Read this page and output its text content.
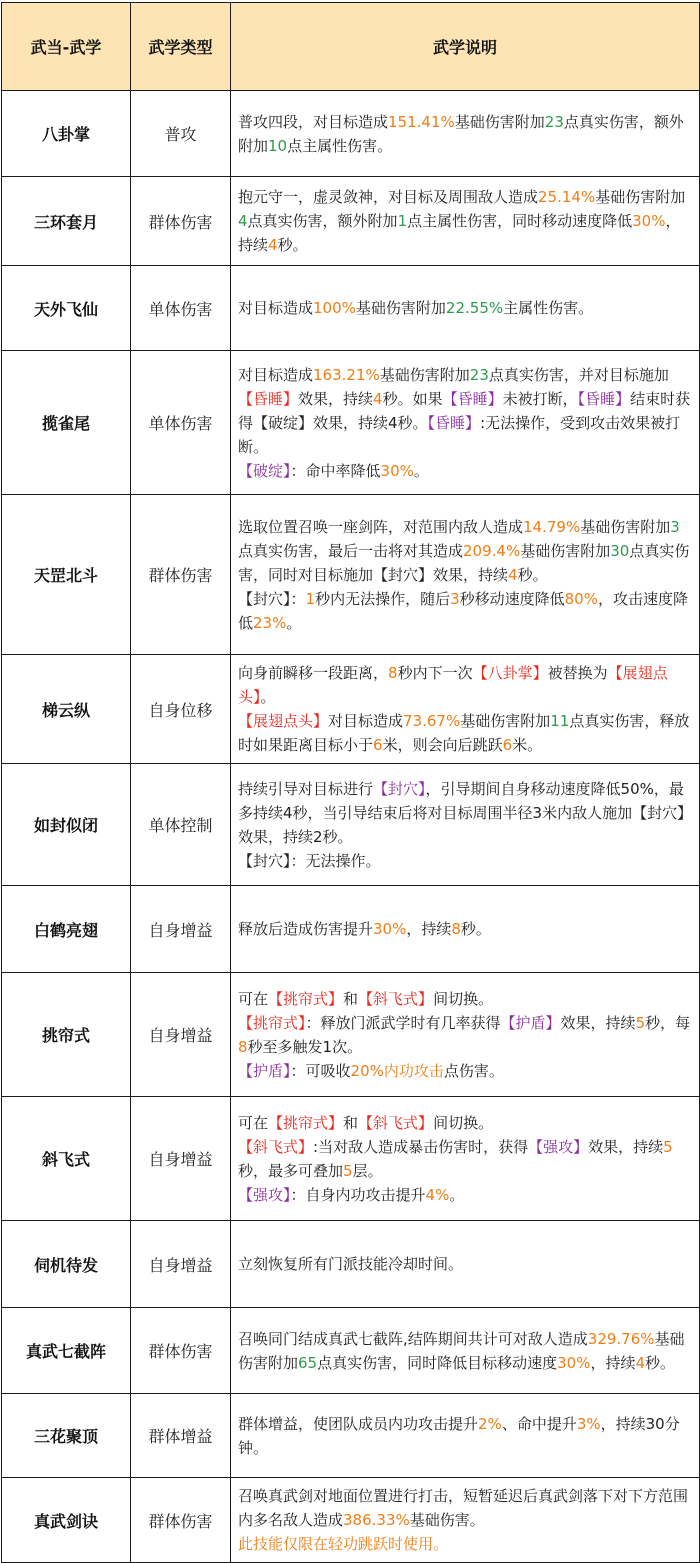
武当-武学	武学类型	武学说明
八卦掌	普攻	普攻四段，对目标造成151.41%基础伤害附加23点真实伤害，额外附加10点主属性伤害。

三环套月	群体伤害	抱元守一，虚灵敛神，对目标及周围敌人造成25.14%基础伤害附加4点真实伤害，额外附加1点主属性伤害，同时移动速度降低30%，持续4秒。

天外飞仙	单体伤害	对目标造成100%基础伤害附加22.55%主属性伤害。

揽雀尾	单体伤害	对目标造成163.21%基础伤害附加23点真实伤害，并对目标施加【昏睡】效果，持续4秒。如果【昏睡】未被打断，【昏睡】结束时获得【破绽】效果，持续4秒。【昏睡】:无法操作，受到攻击效果被打断。
【破绽】：命中率降低30%。

天罡北斗	群体伤害	选取位置召唤一座剑阵，对范围内敌人造成14.79%基础伤害附加3点真实伤害，最后一击将对其造成209.4%基础伤害附加30点真实伤害，同时对目标施加【封穴】效果，持续4秒。
【封穴】：1秒内无法操作，随后3秒移动速度降低80%，攻击速度降低23%。

梯云纵	自身位移	向身前瞬移一段距离，8秒内下一次【八卦掌】被替换为【展翅点头】。
【展翅点头】对目标造成73.67%基础伤害附加11点真实伤害，释放时如果距离目标小于6米，则会向后跳跃6米。

如封似闭	单体控制	持续引导对目标进行【封穴】，引导期间自身移动速度降低50%，最多持续4秒，当引导结束后将对目标周围半径3米内敌人施加【封穴】效果，持续2秒。
【封穴】：无法操作。

白鹤亮翅	自身增益	释放后造成伤害提升30%，持续8秒。

挑帘式	自身增益	可在【挑帘式】和【斜飞式】间切换。
【挑帘式】：释放门派武学时有几率获得【护盾】效果，持续5秒，每8秒至多触发1次。
【护盾】：可吸收20%内功攻击点伤害。

斜飞式	自身增益	可在【挑帘式】和【斜飞式】间切换。
【斜飞式】:当对敌人造成暴击伤害时，获得【强攻】效果，持续5秒，最多可叠加5层。
【强攻】：自身内功攻击提升4%。

伺机待发	自身增益	立刻恢复所有门派技能冷却时间。

真武七截阵	群体伤害	召唤同门结成真武七截阵,结阵期间共计可对敌人造成329.76%基础伤害附加65点真实伤害，同时降低目标移动速度30%，持续4秒。

三花聚顶	群体增益	群体增益，使团队成员内功攻击提升2%、命中提升3%，持续30分钟。

真武剑诀	群体伤害	召唤真武剑对地面位置进行打击，短暂延迟后真武剑落下对下方范围内多名敌人造成386.33%基础伤害。
此技能仅限在轻功跳跃时使用。
